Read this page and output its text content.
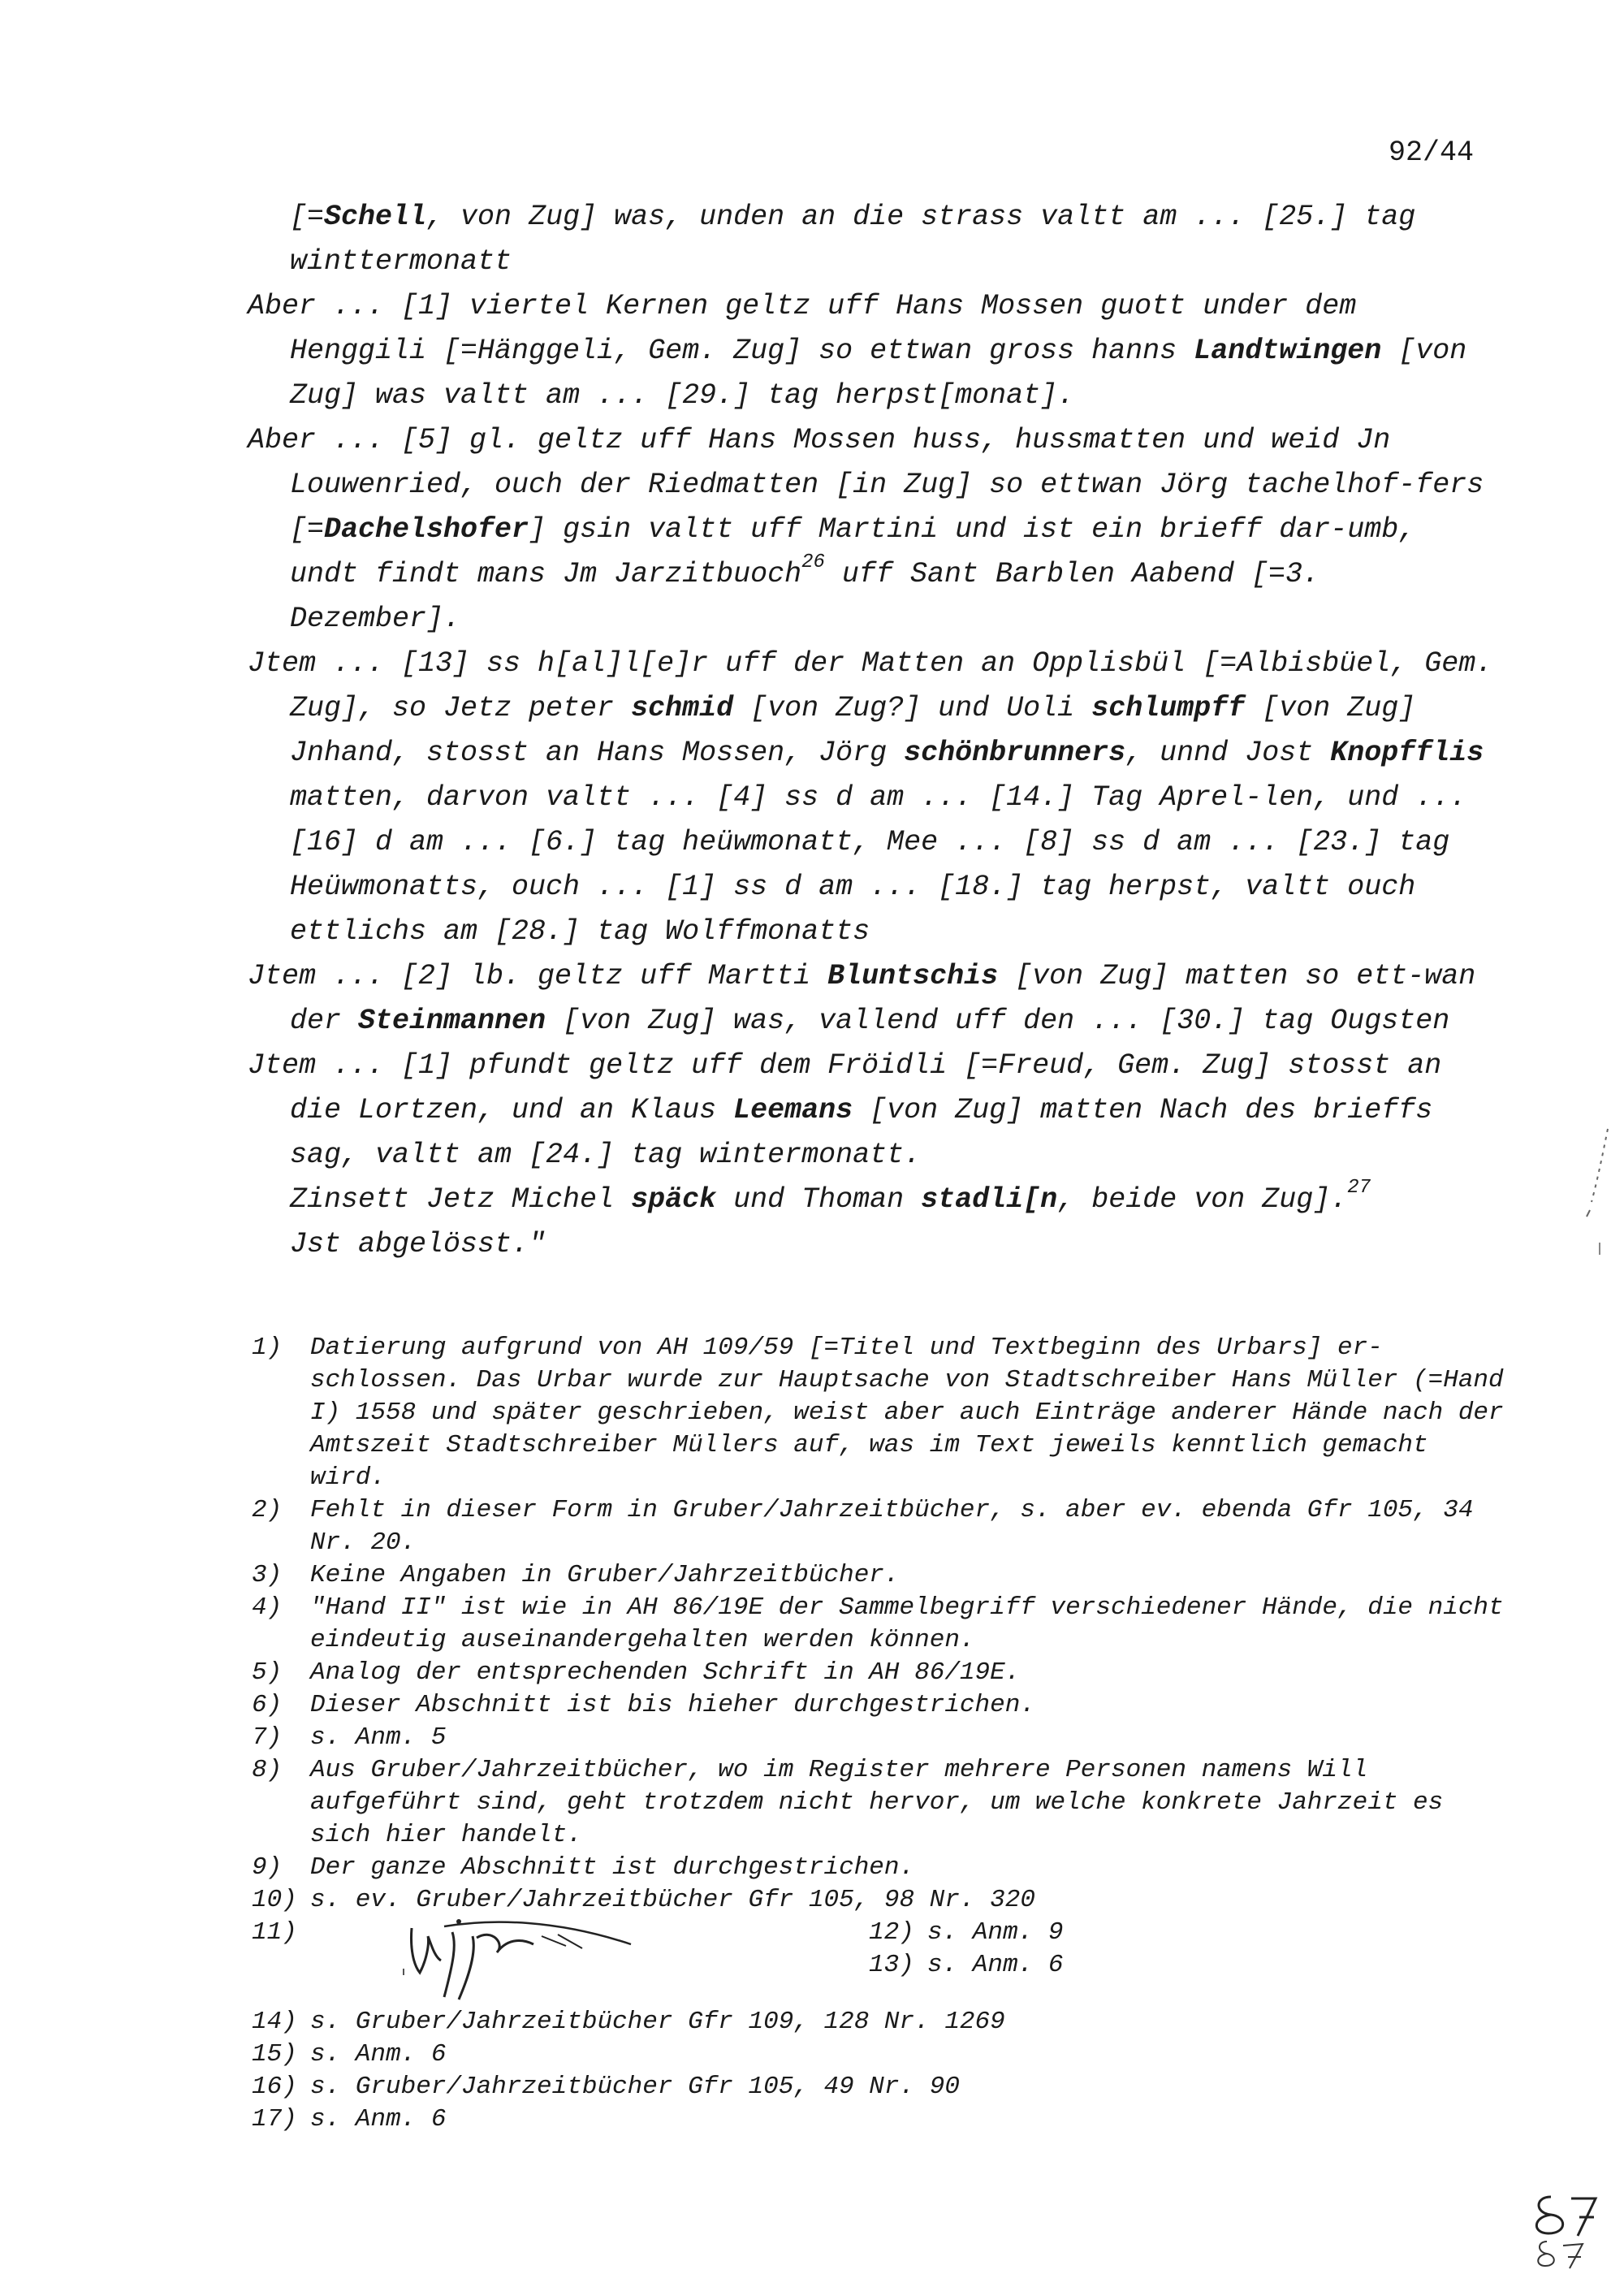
92/44

[=Schell, von Zug] was, unden an die strass valtt am ... [25.] tag winttermonatt

Aber ... [1] viertel Kernen geltz uff Hans Mossen guott under dem Henggili [=Hänggeli, Gem. Zug] so ettwan gross hanns Landtwingen [von Zug] was valtt am ... [29.] tag herpst[monat].

Aber ... [5] gl. geltz uff Hans Mossen huss, hussmatten und weid Jn Louwenried, ouch der Riedmatten [in Zug] so ettwan Jörg tachelhof-fers [=Dachelshofer] gsin valtt uff Martini und ist ein brieff dar-umb, undt findt mans Jm Jarzitbuoch$^{26}$ uff Sant Barblen Aabend [=3. Dezember].

Jtem ... [13] ss h[al]l[e]r uff der Matten an Opplisbül [=Albisbüel, Gem. Zug], so Jetz peter schmid [von Zug?] und Uoli schlumpff [von Zug] Jnhand, stosst an Hans Mossen, Jörg schönbrunners, unnd Jost Knopfflis matten, darvon valtt ... [4] ss d am ... [14.] Tag Aprel-len, und ... [16] d am ... [6.] tag heüwmonatt, Mee ... [8] ss d am ... [23.] tag Heüwmonatts, ouch ... [1] ss d am ... [18.] tag herpst, valtt ouch ettlichs am [28.] tag Wolffmonatts

Jtem ... [2] lb. geltz uff Martti Bluntschis [von Zug] matten so ett-wan der Steinmannen [von Zug] was, vallend uff den ... [30.] tag Ougsten

Jtem ... [1] pfundt geltz uff dem Fröidli [=Freud, Gem. Zug] stosst an die Lortzen, und an Klaus Leemans [von Zug] matten Nach des brieffs sag, valtt am [24.] tag wintermonatt.

Zinsett Jetz Michel späck und Thoman stadli[n, beide von Zug].$^{27}$

Jst abgelösst."

1)	Datierung aufgrund von AH 109/59 [=Titel und Textbeginn des Urbars] er-schlossen. Das Urbar wurde zur Hauptsache von Stadtschreiber Hans Müller (=Hand I) 1558 und später geschrieben, weist aber auch Einträge anderer Hände nach der Amtszeit Stadtschreiber Müllers auf, was im Text jeweils kenntlich gemacht wird.
2)	Fehlt in dieser Form in Gruber/Jahrzeitbücher, s. aber ev. ebenda Gfr 105, 34 Nr. 20.
3)	Keine Angaben in Gruber/Jahrzeitbücher.
4)	"Hand II" ist wie in AH 86/19E der Sammelbegriff verschiedener Hände, die nicht eindeutig auseinandergehalten werden können.
5)	Analog der entsprechenden Schrift in AH 86/19E.
6)	Dieser Abschnitt ist bis hieher durchgestrichen.
7)	s. Anm. 5
8)	Aus Gruber/Jahrzeitbücher, wo im Register mehrere Personen namens Will aufgeführt sind, geht trotzdem nicht hervor, um welche konkrete Jahrzeit es sich hier handelt.
9)	Der ganze Abschnitt ist durchgestrichen.
10) s. ev. Gruber/Jahrzeitbücher Gfr 105, 98 Nr. 320
11)	12) s. Anm. 9
13) s. Anm. 6
14) s. Gruber/Jahrzeitbücher Gfr 109, 128 Nr. 1269
15) s. Anm. 6
16) s. Gruber/Jahrzeitbücher Gfr 105, 49 Nr. 90
17) s. Anm. 6
